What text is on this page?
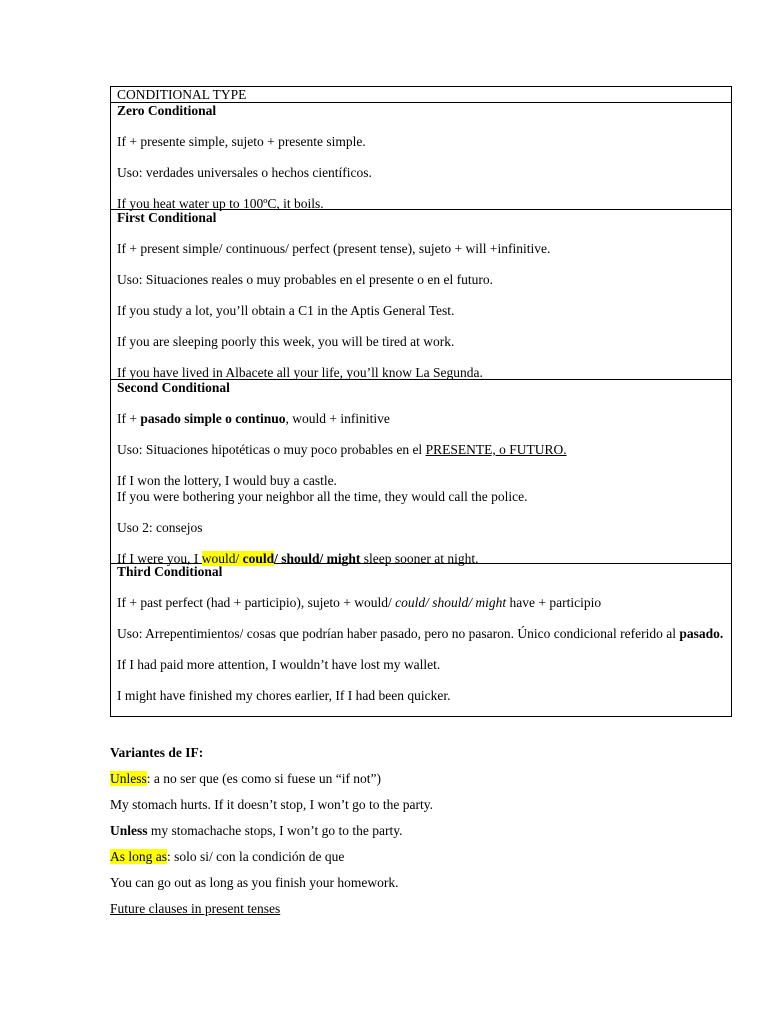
CONDITIONAL TYPE

Zero Conditional

If + presente simple, sujeto + presente simple.

Uso: verdades universales o hechos científicos.

If you heat water up to 100ºC, it boils.

First Conditional

If + present simple/ continuous/ perfect (present tense), sujeto + will +infinitive.

Uso: Situaciones reales o muy probables en el presente o en el futuro.

If you study a lot, you’ll obtain a C1 in the Aptis General Test.

If you are sleeping poorly this week, you will be tired at work.

If you have lived in Albacete all your life, you’ll know La Segunda.

Second Conditional

If + pasado simple o continuo, would + infinitive

Uso: Situaciones hipotéticas o muy poco probables en el PRESENTE, o FUTURO.

If I won the lottery, I would buy a castle.

If you were bothering your neighbor all the time, they would call the police.

Uso 2: consejos

If I were you, I would/ could/ should/ might sleep sooner at night.

Third Conditional

If + past perfect (had + participio), sujeto + would/ could/ should/ might have + participio

Uso: Arrepentimientos/ cosas que podrían haber pasado, pero no pasaron. Único condicional referido al pasado.

If I had paid more attention, I wouldn’t have lost my wallet.

I might have finished my chores earlier, If I had been quicker.

Variantes de IF:

Unless: a no ser que (es como si fuese un “if not”)

My stomach hurts. If it doesn’t stop, I won’t go to the party.

Unless my stomachache stops, I won’t go to the party.

As long as: solo si/ con la condición de que

You can go out as long as you finish your homework.

Future clauses in present tenses
